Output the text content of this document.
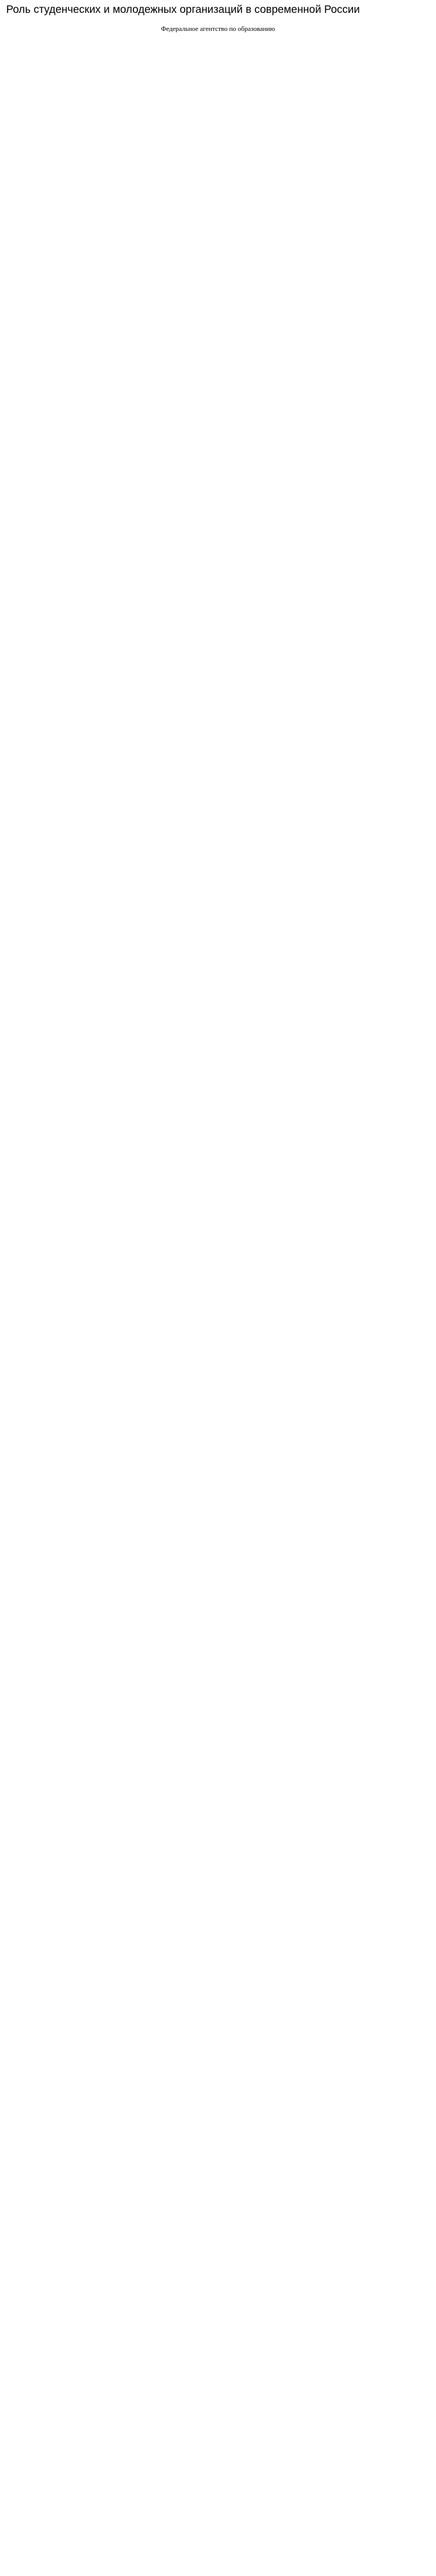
Роль студенческих и молодежных организаций в современной России

Федеральное агентство по образованию
